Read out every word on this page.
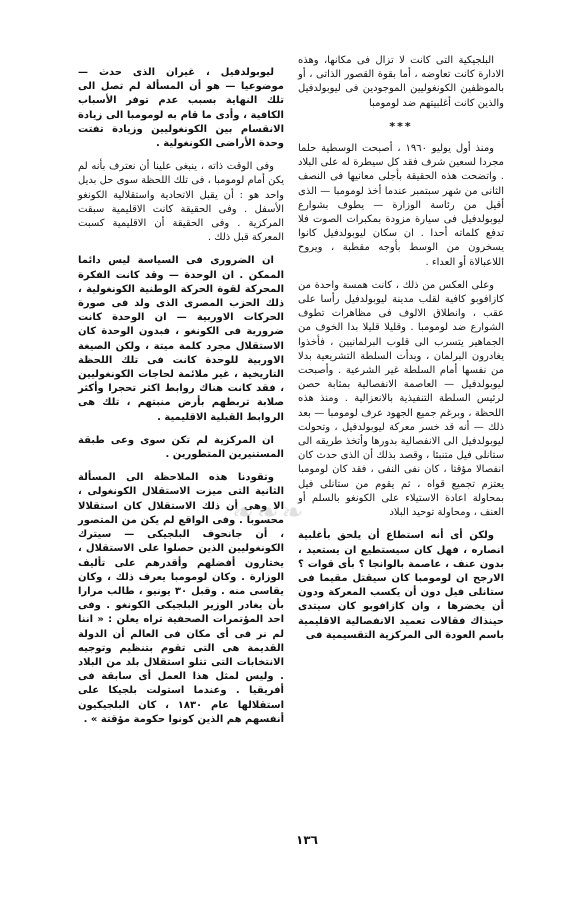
البلجيكية التى كانت لا تزال فى مكانها، وهذه الادارة كانت تعاوضه ، أما بقوة القصور الذاتى ، أو بالموظفين الكونغوليين الموجودين فى ليوبولدفيل والذين كانت أغلبيتهم ضد لومومبا

***

ومنذ أول يوليو ١٩٦٠ ، أصبحت الوسطية حلما مجردا لسعين شرف فقد كل سيطرة له على البلاد . واتضحت هذه الحقيقة بأجلى معانيها فى النصف الثانى من شهر سبتمبر عندما أخذ لومومبا — الذى أقيل من رئاسة الوزارة — يطوف بشوارع ليوبولدفيل فى سيارة مزودة بمكبرات الصوت فلا تدفع كلماته أحدا . ان سكان ليوبولدفيل كانوا يسخرون من الوسط بأوجه مقطبة ، ويروح اللاعبالاة أو العداء .

وعلى العكس من ذلك ، كانت همسة واحدة من كازافوبو كافية لقلب مدينة ليوبولدفيل رأسا على عقب ، وانطلاق الالوف فى مظاهرات تطوف الشوارع ضد لومومبا . وقليلا قليلا بدا الخوف من الجماهير يتسرب الى قلوب البرلمانيين ، فأخذوا يغادرون البرلمان ، وبدأت السلطة التشريعية بدلا من نفسها أمام السلطة غير الشرعية . وأصبحت ليوبولدفيل — العاصمة الانفصالية بمثابة حصن لرئيس السلطة التنفيذية بالانعزالية . ومنذ هذه اللحظة ، وبرغم جميع الجهود عرف لومومبا — بعد ذلك — أنه قد خسر معركة ليوبولدفيل ، وتحولت ليوبولدفيل الى الانفصالية بدورها وأتخذ طريقه الى ستانلى فيل متنبئا ، وقصد بذلك أن الذى حدث كان انفصالا مؤقتا ، كان نفى النفى ، فقد كان لومومبا يعتزم تجميع قواه ، ثم يقوم من ستانلى فيل بمحاولة اعادة الاستيلاء على الكونغو بالسلم أو العنف ، ومحاولة توحيد البلاد

ولكن أى أنه استطاع أن يلحق بأغلبية انصاره ، فهل كان سيستطيع ان يستعيد ، بدون عنف ، عاصمة بالوانجا ؟ بأى قوات ؟ الارجح ان لومومبا كان سيقتل مقيما فى ستانلى فيل دون أن يكسب المعركة ودون أن يخضرها ، وان كازافوبو كان سيتدى حينذاك فقالات تعميد الانفصالية الاقليمية باسم العودة الى المركزية التقسيمية فى

ليوبولدفيل ، غيران الذى حدث — موضوعيا — هو أن المسألة لم تصل الى تلك النهاية بسبب عدم توفر الأسباب الكافية ، وأدى ما قام به لومومبا الى زيادة الانقسام بين الكونغوليين وزيادة تفتت وحدة الأراضى الكونغولية .

وفى الوقت ذاته ، ينبغى علينا أن نعترف بأنه لم يكن أمام لومومبا ، فى تلك اللحظة سوى حل بديل واحد هو : أن يقبل الاتحادية واستقلالية الكونغو الأسفل . وفى الحقيقة كانت الاقليمية سبقت المركزية . وفى الحقيقة أن الاقليمية كسبت المعركة قبل ذلك .

ان الضرورى فى السياسة ليس دائما الممكن . ان الوحدة — وقد كانت الفكرة المحركة لقوة الحركة الوطنية الكونغولية ، ذلك الحزب المصرى الذى ولد فى صورة الحركات الاوربية — ان الوحدة كانت ضرورية فى الكونغو ، فبدون الوحدة كان الاستقلال مجرد كلمة ميتة ، ولكن الصيغة الاوربية للوحدة كانت فى تلك اللحظة التاريخية ، غير ملائمة لحاجات الكونغوليين ، فقد كانت هناك روابط اكثر تحجرا وأكثر صلابة تربطهم بأرض منبتهم ، تلك هى الروابط القبلية الاقليمية .

ان المركزية لم تكن سوى وعى طبقة المستنيرين المتطورين .

وتقودنا هذه الملاحظة الى المسألة الثانية التى ميزت الاستقلال الكونغولى ، الا وهى أن ذلك الاستقلال كان استقلالا محسوبا . وفى الواقع لم يكن من المتصور ، أن جانحوف البلجيكى — سيترك الكونغوليين الذين حصلوا على الاستقلال ، يختارون أفضلهم وأقدرهم على تأليف الوزارة . وكان لومومبا يعرف ذلك ، وكان يقاسى منه . وقبل ٣٠ يونيو ، طالب مرارا بأن يغادر الوزير البلجيكى الكونغو . وفى احد المؤتمرات الصحفية تراه يعلن : « اننا لم نر فى أى مكان فى العالم أن الدولة القديمة هى التى تقوم بتنظيم وتوجيه الانتخابات التى تتلو استقلال بلد من البلاد . وليس لمثل هذا العمل أى سابقة فى أفريقيا . وعندما استولت بلجيكا على استقلالها عام ١٨٣٠ ، كان البلجيكيون أنفسهم هم الذين كونوا حكومة مؤقتة » .

❧❧❧
١٣٦
